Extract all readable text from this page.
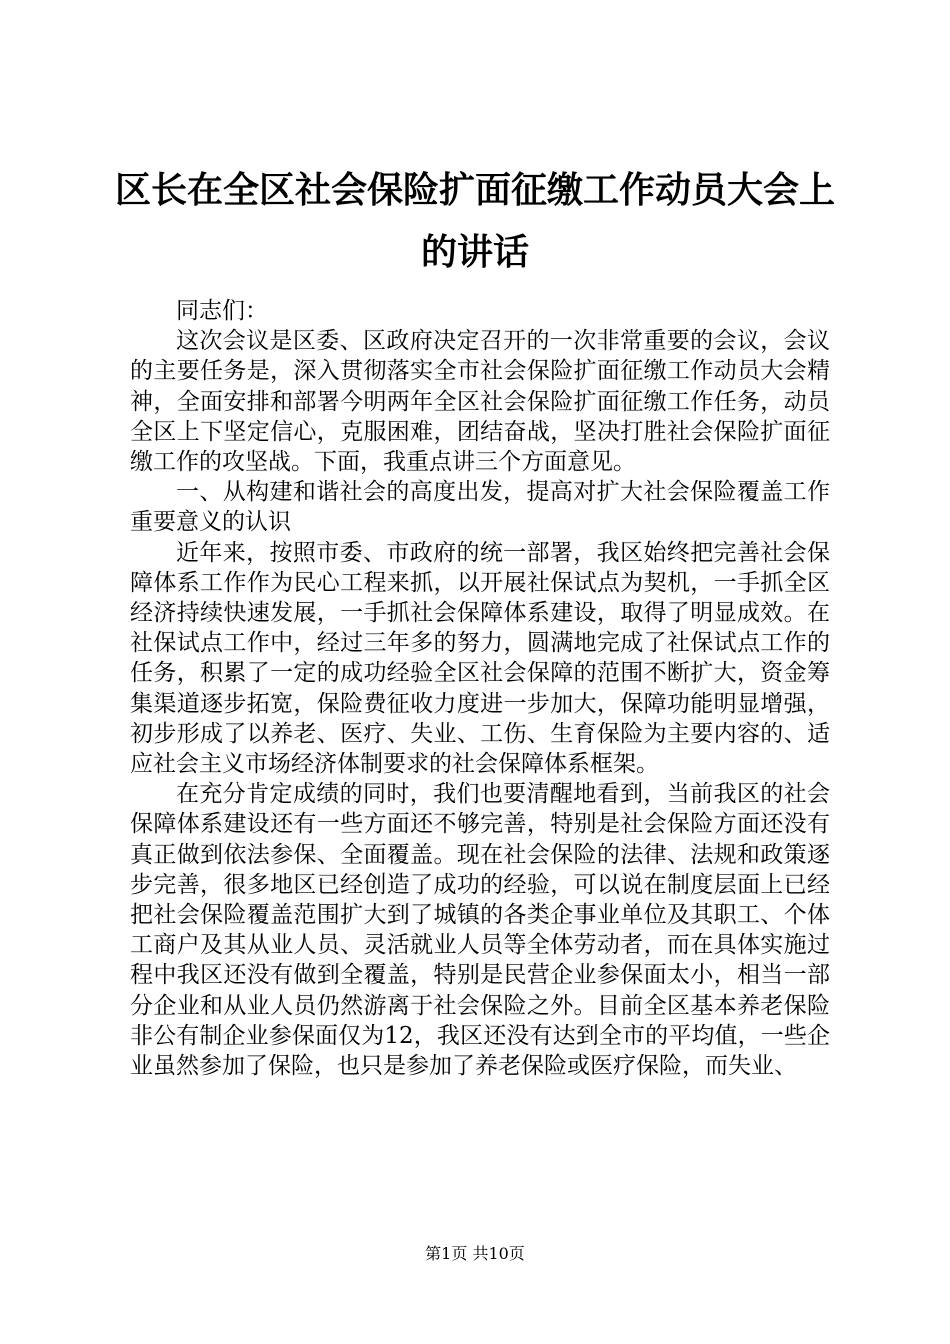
区长在全区社会保险扩面征缴工作动员大会上的讲话

同志们：

这次会议是区委、区政府决定召开的一次非常重要的会议，会议的主要任务是，深入贯彻落实全市社会保险扩面征缴工作动员大会精神，全面安排和部署今明两年全区社会保险扩面征缴工作任务，动员全区上下坚定信心，克服困难，团结奋战，坚决打胜社会保险扩面征缴工作的攻坚战。下面，我重点讲三个方面意见。

一、从构建和谐社会的高度出发，提高对扩大社会保险覆盖工作重要意义的认识

近年来，按照市委、市政府的统一部署，我区始终把完善社会保障体系工作作为民心工程来抓，以开展社保试点为契机，一手抓全区经济持续快速发展，一手抓社会保障体系建设，取得了明显成效。在社保试点工作中，经过三年多的努力，圆满地完成了社保试点工作的任务，积累了一定的成功经验全区社会保障的范围不断扩大，资金筹集渠道逐步拓宽，保险费征收力度进一步加大，保障功能明显增强，初步形成了以养老、医疗、失业、工伤、生育保险为主要内容的、适应社会主义市场经济体制要求的社会保障体系框架。

在充分肯定成绩的同时，我们也要清醒地看到，当前我区的社会保障体系建设还有一些方面还不够完善，特别是社会保险方面还没有真正做到依法参保、全面覆盖。现在社会保险的法律、法规和政策逐步完善，很多地区已经创造了成功的经验，可以说在制度层面上已经把社会保险覆盖范围扩大到了城镇的各类企事业单位及其职工、个体工商户及其从业人员、灵活就业人员等全体劳动者，而在具体实施过程中我区还没有做到全覆盖，特别是民营企业参保面太小，相当一部分企业和从业人员仍然游离于社会保险之外。目前全区基本养老保险非公有制企业参保面仅为12，我区还没有达到全市的平均值，一些企业虽然参加了保险，也只是参加了养老保险或医疗保险，而失业、

第1页 共10页
